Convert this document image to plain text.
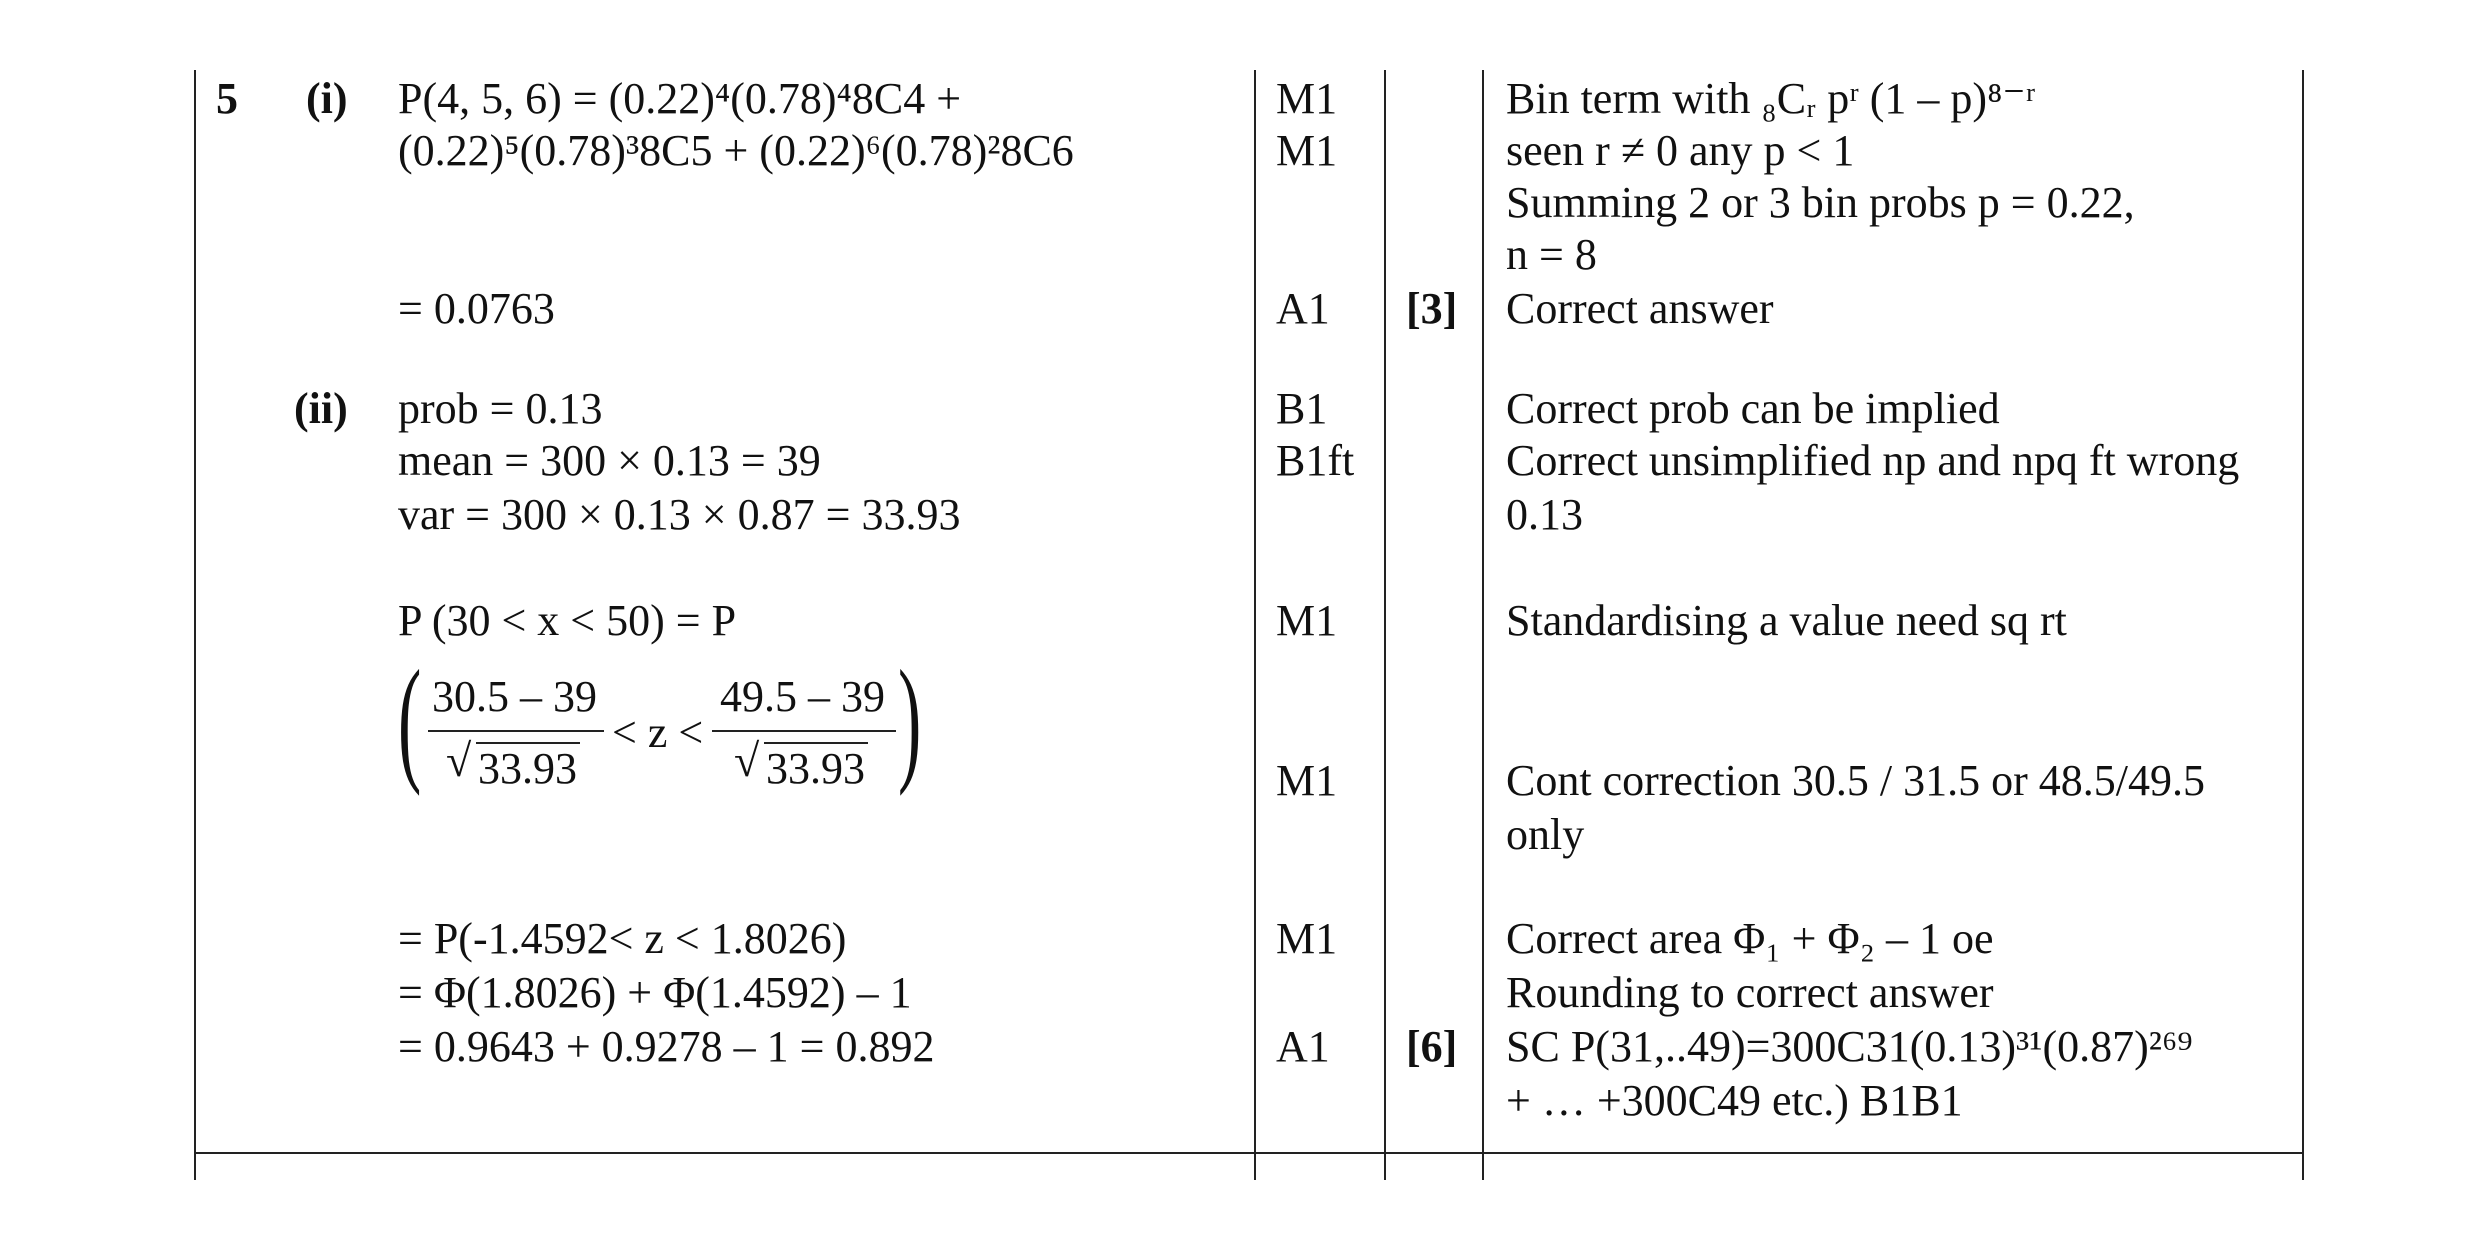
5 (i)
(ii)
P(4, 5, 6) = (0.22)⁴(0.78)⁴8C4 +
(0.22)⁵(0.78)³8C5 + (0.22)⁶(0.78)²8C6
= 0.0763
M1
M1
A1 [3]
Bin term with ₈Cᵣ pʳ (1 – p)⁸⁻ʳ
seen r ≠ 0 any p < 1
Summing 2 or 3 bin probs p = 0.22,
n = 8
Correct answer
prob = 0.13
mean = 300 × 0.13 = 39
var = 300 × 0.13 × 0.87 = 33.93
P (30 < x < 50) = P
( 30.5 – 39
√ 33.93
< z <
49.5 – 39
√ 33.93 )
= P(-1.4592< z < 1.8026)
= Φ(1.8026) + Φ(1.4592) – 1
= 0.9643 + 0.9278 – 1 = 0.892
B1
B1ft
M1
M1
M1
A1 [6]
Correct prob can be implied
Correct unsimplified np and npq ft wrong
0.13
Standardising a value need sq rt
Cont correction 30.5 / 31.5 or 48.5/49.5
only
Correct area Φ₁ + Φ₂ – 1 oe
Rounding to correct answer
SC P(31,..49)=300C31(0.13)³¹(0.87)²⁶⁹
+ … +300C49 etc.) B1B1
